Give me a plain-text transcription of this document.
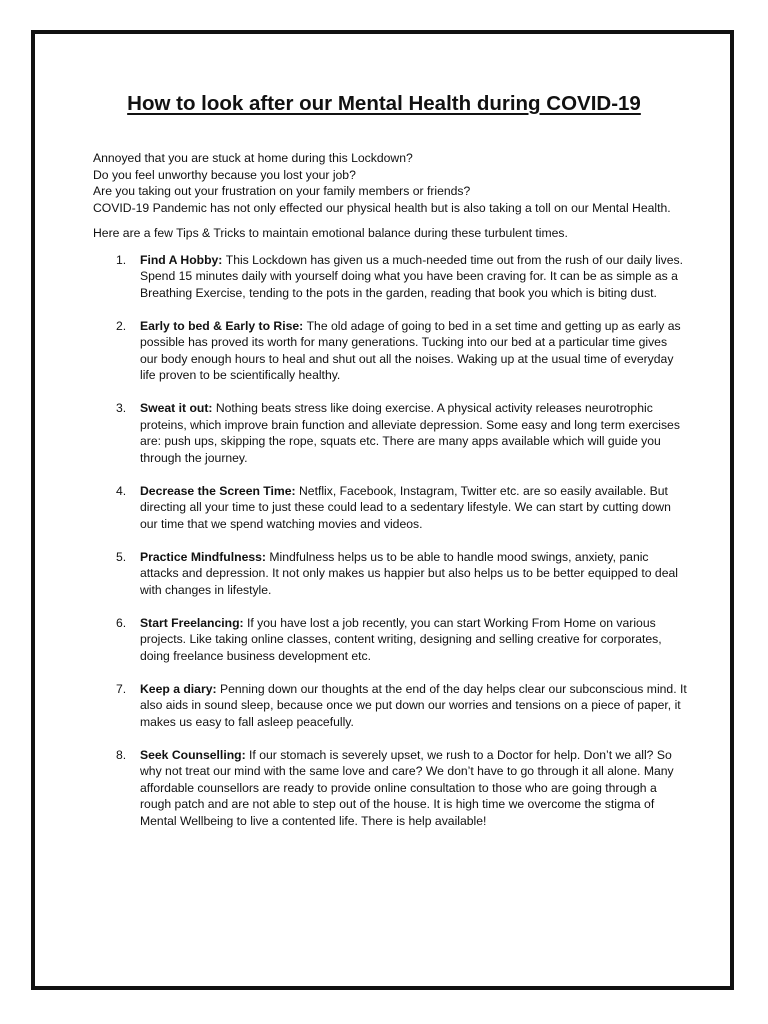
How to look after our Mental Health during COVID-19

Annoyed that you are stuck at home during this Lockdown?

Do you feel unworthy because you lost your job?

Are you taking out your frustration on your family members or friends?

COVID-19 Pandemic has not only effected our physical health but is also taking a toll on our Mental Health.

Here are a few Tips & Tricks to maintain emotional balance during these turbulent times.

1. Find A Hobby: This Lockdown has given us a much-needed time out from the rush of our daily lives. Spend 15 minutes daily with yourself doing what you have been craving for. It can be as simple as a Breathing Exercise, tending to the pots in the garden, reading that book you which is biting dust.
2. Early to bed & Early to Rise: The old adage of going to bed in a set time and getting up as early as possible has proved its worth for many generations. Tucking into our bed at a particular time gives our body enough hours to heal and shut out all the noises. Waking up at the usual time of everyday life proven to be scientifically healthy.
3. Sweat it out: Nothing beats stress like doing exercise. A physical activity releases neurotrophic proteins, which improve brain function and alleviate depression. Some easy and long term exercises are: push ups, skipping the rope, squats etc. There are many apps available which will guide you through the journey.
4. Decrease the Screen Time: Netflix, Facebook, Instagram, Twitter etc. are so easily available. But directing all your time to just these could lead to a sedentary lifestyle. We can start by cutting down our time that we spend watching movies and videos.
5. Practice Mindfulness: Mindfulness helps us to be able to handle mood swings, anxiety, panic attacks and depression. It not only makes us happier but also helps us to be better equipped to deal with changes in lifestyle.
6. Start Freelancing: If you have lost a job recently, you can start Working From Home on various projects. Like taking online classes, content writing, designing and selling creative for corporates, doing freelance business development etc.
7. Keep a diary: Penning down our thoughts at the end of the day helps clear our subconscious mind. It also aids in sound sleep, because once we put down our worries and tensions on a piece of paper, it makes us easy to fall asleep peacefully.
8. Seek Counselling: If our stomach is severely upset, we rush to a Doctor for help. Don’t we all? So why not treat our mind with the same love and care? We don’t have to go through it all alone. Many affordable counsellors are ready to provide online consultation to those who are going through a rough patch and are not able to step out of the house. It is high time we overcome the stigma of Mental Wellbeing to live a contented life. There is help available!
